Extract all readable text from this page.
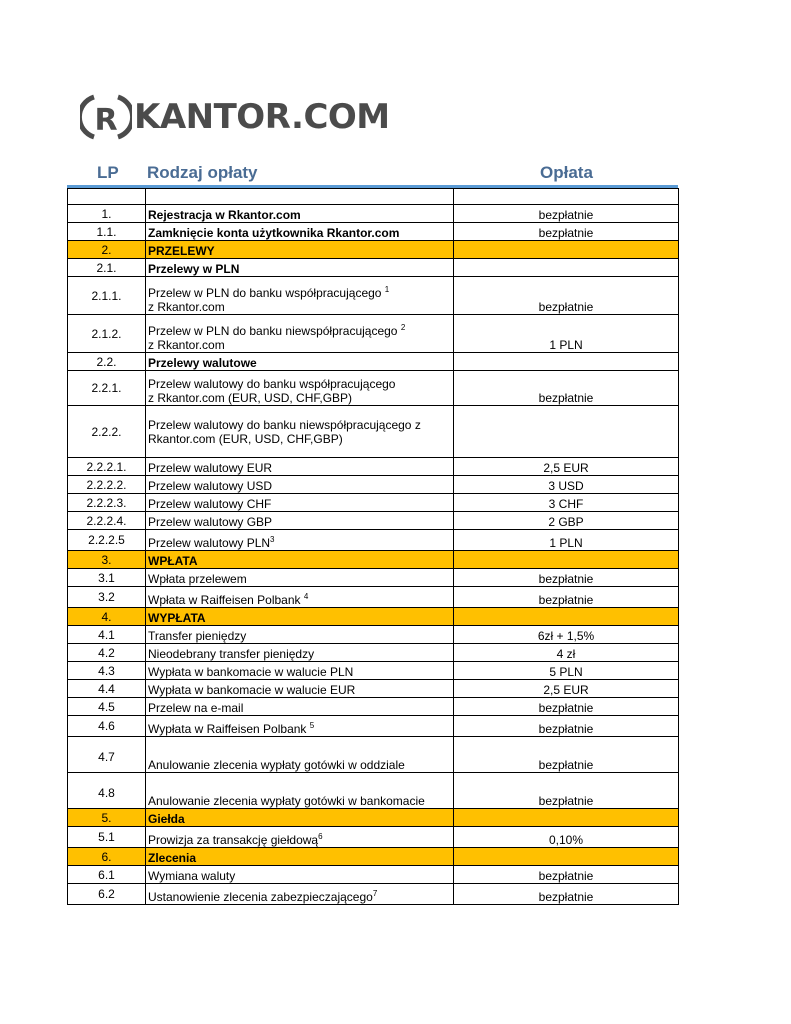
R KANTOR.COM
LP Rodzaj opłaty	Opłata

1.	Rejestracja w Rkantor.com	bezpłatnie
1.1.	Zamknięcie konta użytkownika Rkantor.com	bezpłatnie
2.	PRZELEWY	

2.1.	Przelewy w PLN	

2.1.1.	Przelew w PLN do banku współpracującego $^1$
z Rkantor.com	bezpłatnie
2.1.2.	Przelew w PLN do banku niewspółpracującego $^2$
z Rkantor.com	1 PLN
2.2.	Przelewy walutowe	

2.2.1.	Przelew walutowy do banku współpracującego
z Rkantor.com (EUR, USD, CHF,GBP)	bezpłatnie
2.2.2.	Przelew walutowy do banku niewspółpracującego z
Rkantor.com (EUR, USD, CHF,GBP)	

2.2.2.1.	Przelew walutowy EUR	2,5 EUR
2.2.2.2.	Przelew walutowy USD	3 USD
2.2.2.3.	Przelew walutowy CHF	3 CHF
2.2.2.4.	Przelew walutowy GBP	2 GBP
2.2.2.5	Przelew walutowy PLN$^3$	1 PLN
3.	WPŁATA	

3.1	Wpłata przelewem	bezpłatnie
3.2	Wpłata w Raiffeisen Polbank $^4$	bezpłatnie
4.	WYPŁATA	

4.1	Transfer pieniędzy	6zł + 1,5%
4.2	Nieodebrany transfer pieniędzy	4 zł
4.3	Wypłata w bankomacie w walucie PLN	5 PLN
4.4	Wypłata w bankomacie w walucie EUR	2,5 EUR
4.5	Przelew na e-mail	bezpłatnie
4.6	Wypłata w Raiffeisen Polbank $^5$	bezpłatnie
4.7	Anulowanie zlecenia wypłaty gotówki w oddziale	bezpłatnie
4.8	Anulowanie zlecenia wypłaty gotówki w bankomacie	bezpłatnie
5.	Giełda	

5.1	Prowizja za transakcję giełdową$^6$	0,10%
6.	Zlecenia	

6.1	Wymiana waluty	bezpłatnie
6.2	Ustanowienie zlecenia zabezpieczającego$^7$	bezpłatnie
